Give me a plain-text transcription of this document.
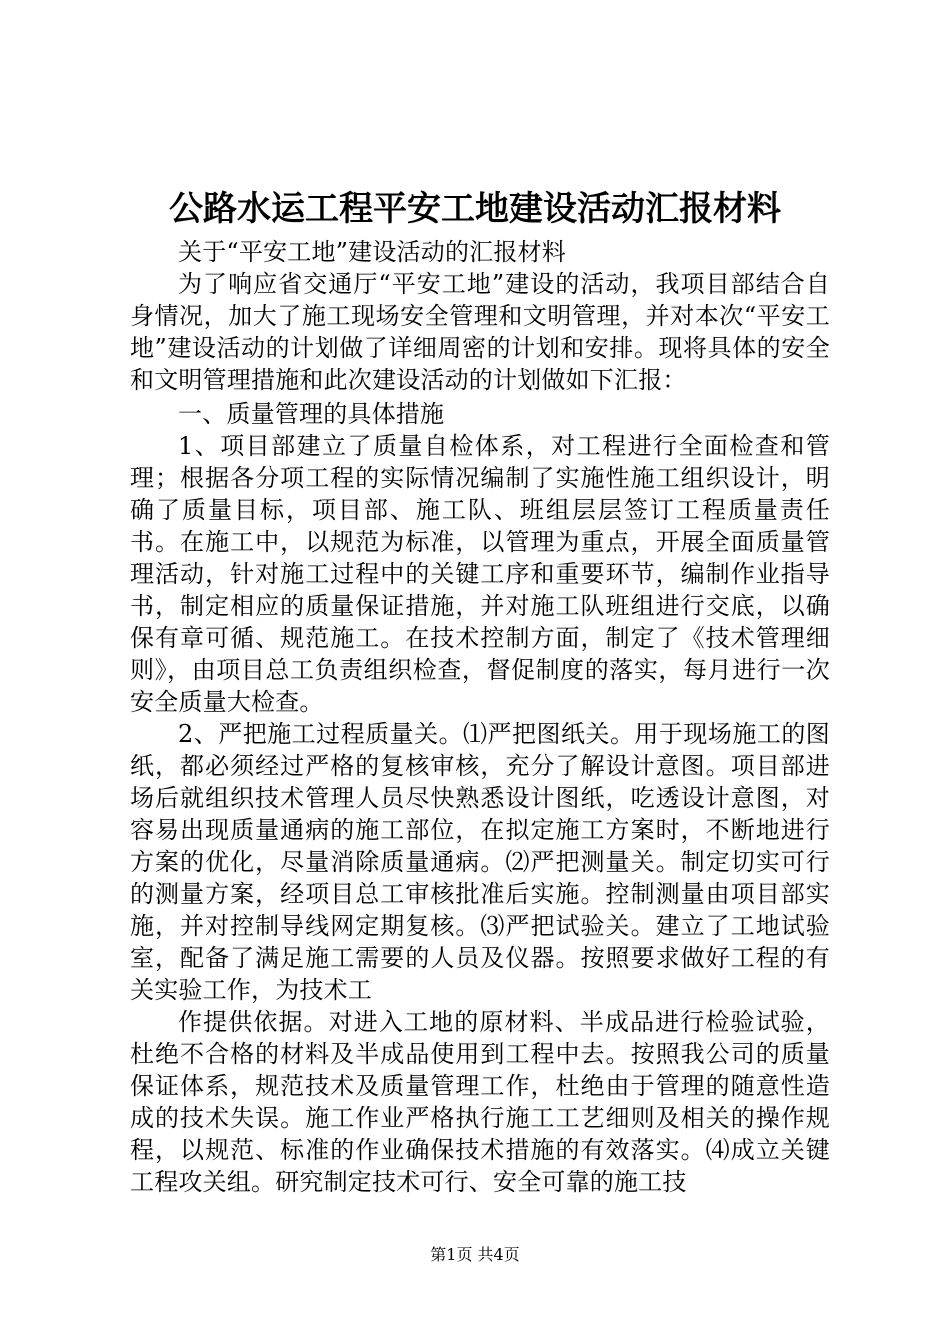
公路水运工程平安工地建设活动汇报材料

关于“平安工地”建设活动的汇报材料

为了响应省交通厅“平安工地”建设的活动，我项目部结合自身情况，加大了施工现场安全管理和文明管理，并对本次“平安工地”建设活动的计划做了详细周密的计划和安排。现将具体的安全和文明管理措施和此次建设活动的计划做如下汇报：

一、质量管理的具体措施

1、项目部建立了质量自检体系，对工程进行全面检查和管理；根据各分项工程的实际情况编制了实施性施工组织设计，明确了质量目标，项目部、施工队、班组层层签订工程质量责任书。在施工中，以规范为标准，以管理为重点，开展全面质量管理活动，针对施工过程中的关键工序和重要环节，编制作业指导书，制定相应的质量保证措施，并对施工队班组进行交底，以确保有章可循、规范施工。在技术控制方面，制定了《技术管理细则》，由项目总工负责组织检查，督促制度的落实，每月进行一次安全质量大检查。

2、严把施工过程质量关。⑴严把图纸关。用于现场施工的图纸，都必须经过严格的复核审核，充分了解设计意图。项目部进场后就组织技术管理人员尽快熟悉设计图纸，吃透设计意图，对容易出现质量通病的施工部位，在拟定施工方案时，不断地进行方案的优化，尽量消除质量通病。⑵严把测量关。制定切实可行的测量方案，经项目总工审核批准后实施。控制测量由项目部实施，并对控制导线网定期复核。⑶严把试验关。建立了工地试验室，配备了满足施工需要的人员及仪器。按照要求做好工程的有关实验工作，为技术工

作提供依据。对进入工地的原材料、半成品进行检验试验，杜绝不合格的材料及半成品使用到工程中去。按照我公司的质量保证体系，规范技术及质量管理工作，杜绝由于管理的随意性造成的技术失误。施工作业严格执行施工工艺细则及相关的操作规程，以规范、标准的作业确保技术措施的有效落实。⑷成立关键工程攻关组。研究制定技术可行、安全可靠的施工技

第1页 共4页
